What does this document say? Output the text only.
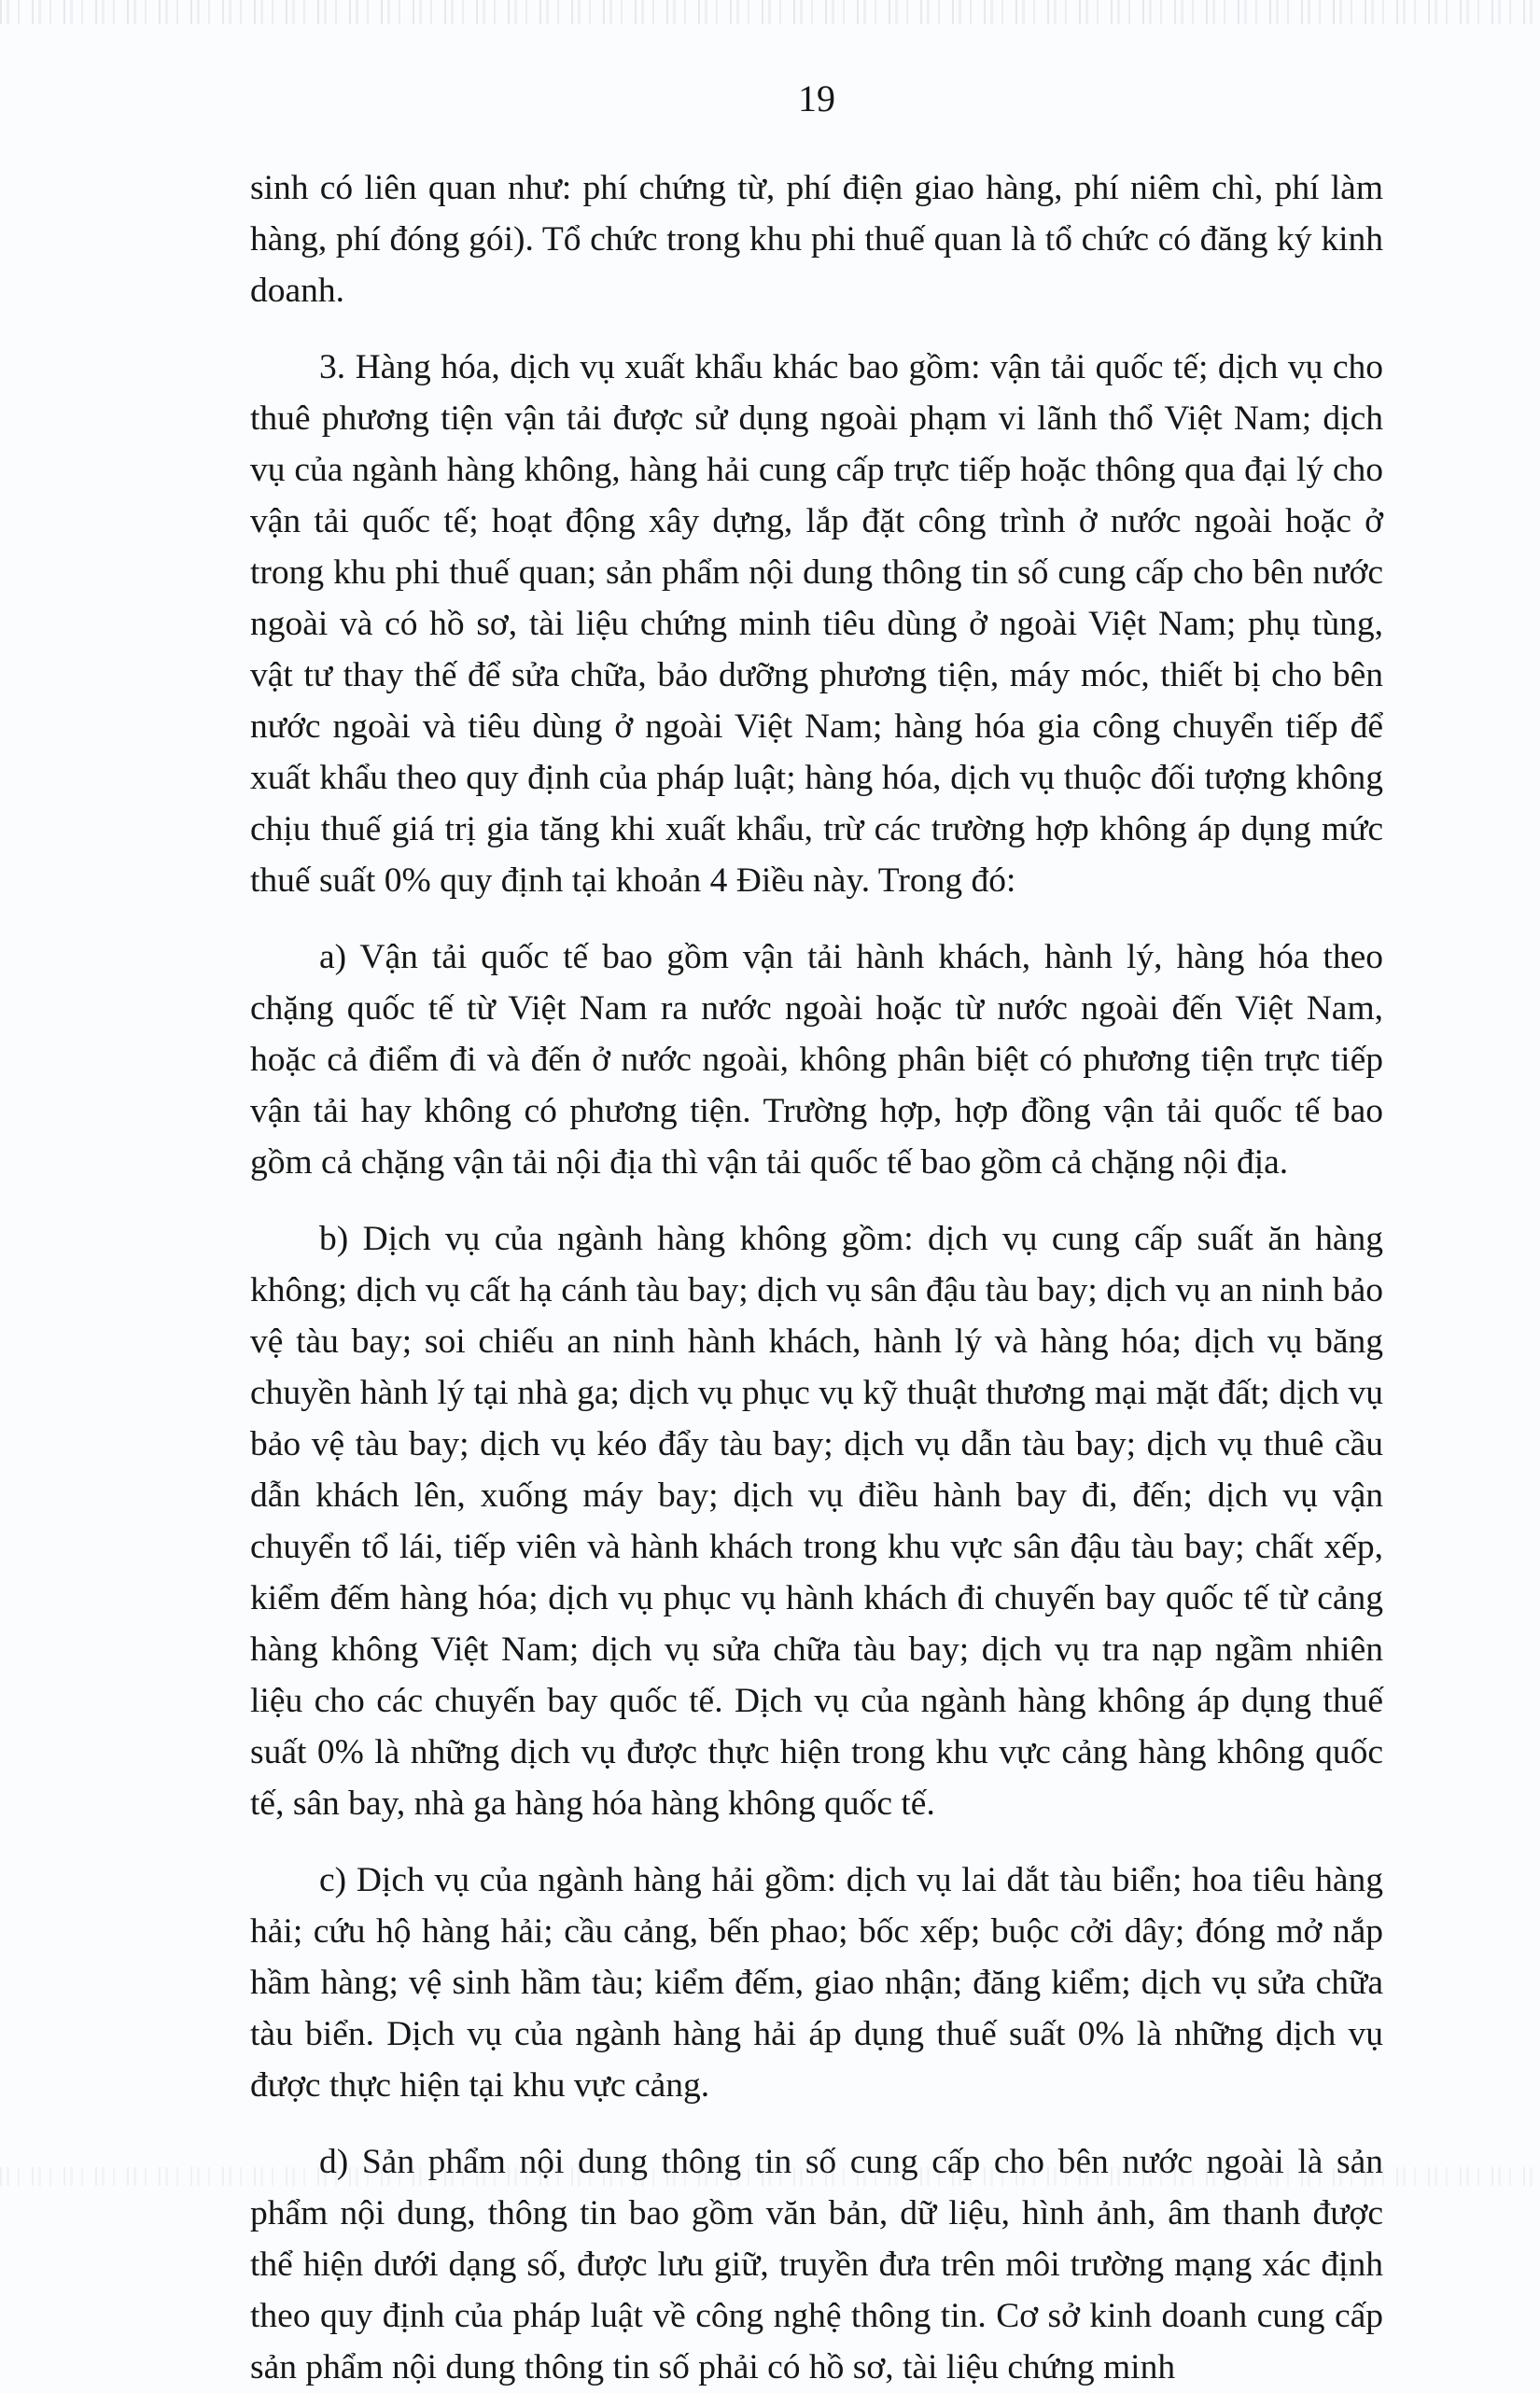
19

sinh có liên quan như: phí chứng từ, phí điện giao hàng, phí niêm chì, phí làm hàng, phí đóng gói). Tổ chức trong khu phi thuế quan là tổ chức có đăng ký kinh doanh.

3. Hàng hóa, dịch vụ xuất khẩu khác bao gồm: vận tải quốc tế; dịch vụ cho thuê phương tiện vận tải được sử dụng ngoài phạm vi lãnh thổ Việt Nam; dịch vụ của ngành hàng không, hàng hải cung cấp trực tiếp hoặc thông qua đại lý cho vận tải quốc tế; hoạt động xây dựng, lắp đặt công trình ở nước ngoài hoặc ở trong khu phi thuế quan; sản phẩm nội dung thông tin số cung cấp cho bên nước ngoài và có hồ sơ, tài liệu chứng minh tiêu dùng ở ngoài Việt Nam; phụ tùng, vật tư thay thế để sửa chữa, bảo dưỡng phương tiện, máy móc, thiết bị cho bên nước ngoài và tiêu dùng ở ngoài Việt Nam; hàng hóa gia công chuyển tiếp để xuất khẩu theo quy định của pháp luật; hàng hóa, dịch vụ thuộc đối tượng không chịu thuế giá trị gia tăng khi xuất khẩu, trừ các trường hợp không áp dụng mức thuế suất 0% quy định tại khoản 4 Điều này. Trong đó:

a) Vận tải quốc tế bao gồm vận tải hành khách, hành lý, hàng hóa theo chặng quốc tế từ Việt Nam ra nước ngoài hoặc từ nước ngoài đến Việt Nam, hoặc cả điểm đi và đến ở nước ngoài, không phân biệt có phương tiện trực tiếp vận tải hay không có phương tiện. Trường hợp, hợp đồng vận tải quốc tế bao gồm cả chặng vận tải nội địa thì vận tải quốc tế bao gồm cả chặng nội địa.

b) Dịch vụ của ngành hàng không gồm: dịch vụ cung cấp suất ăn hàng không; dịch vụ cất hạ cánh tàu bay; dịch vụ sân đậu tàu bay; dịch vụ an ninh bảo vệ tàu bay; soi chiếu an ninh hành khách, hành lý và hàng hóa; dịch vụ băng chuyền hành lý tại nhà ga; dịch vụ phục vụ kỹ thuật thương mại mặt đất; dịch vụ bảo vệ tàu bay; dịch vụ kéo đẩy tàu bay; dịch vụ dẫn tàu bay; dịch vụ thuê cầu dẫn khách lên, xuống máy bay; dịch vụ điều hành bay đi, đến; dịch vụ vận chuyển tổ lái, tiếp viên và hành khách trong khu vực sân đậu tàu bay; chất xếp, kiểm đếm hàng hóa; dịch vụ phục vụ hành khách đi chuyến bay quốc tế từ cảng hàng không Việt Nam; dịch vụ sửa chữa tàu bay; dịch vụ tra nạp ngầm nhiên liệu cho các chuyến bay quốc tế. Dịch vụ của ngành hàng không áp dụng thuế suất 0% là những dịch vụ được thực hiện trong khu vực cảng hàng không quốc tế, sân bay, nhà ga hàng hóa hàng không quốc tế.

c) Dịch vụ của ngành hàng hải gồm: dịch vụ lai dắt tàu biển; hoa tiêu hàng hải; cứu hộ hàng hải; cầu cảng, bến phao; bốc xếp; buộc cởi dây; đóng mở nắp hầm hàng; vệ sinh hầm tàu; kiểm đếm, giao nhận; đăng kiểm; dịch vụ sửa chữa tàu biển. Dịch vụ của ngành hàng hải áp dụng thuế suất 0% là những dịch vụ được thực hiện tại khu vực cảng.

d) Sản phẩm nội dung thông tin số cung cấp cho bên nước ngoài là sản phẩm nội dung, thông tin bao gồm văn bản, dữ liệu, hình ảnh, âm thanh được thể hiện dưới dạng số, được lưu giữ, truyền đưa trên môi trường mạng xác định theo quy định của pháp luật về công nghệ thông tin. Cơ sở kinh doanh cung cấp sản phẩm nội dung thông tin số phải có hồ sơ, tài liệu chứng minh
